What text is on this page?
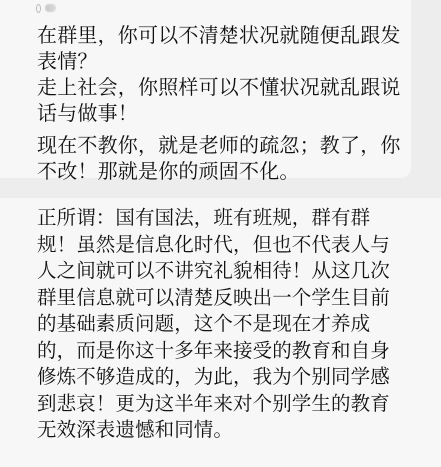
在群里，你可以不清楚状况就随便乱跟发
表情？
走上社会，你照样可以不懂状况就乱跟说
话与做事！
现在不教你，就是老师的疏忽；教了，你
不改！那就是你的顽固不化。
正所谓：国有国法，班有班规，群有群
规！虽然是信息化时代，但也不代表人与
人之间就可以不讲究礼貌相待！从这几次
群里信息就可以清楚反映出一个学生目前
的基础素质问题，这个不是现在才养成
的，而是你这十多年来接受的教育和自身
修炼不够造成的，为此，我为个别同学感
到悲哀！更为这半年来对个别学生的教育
无效深表遗憾和同情。
